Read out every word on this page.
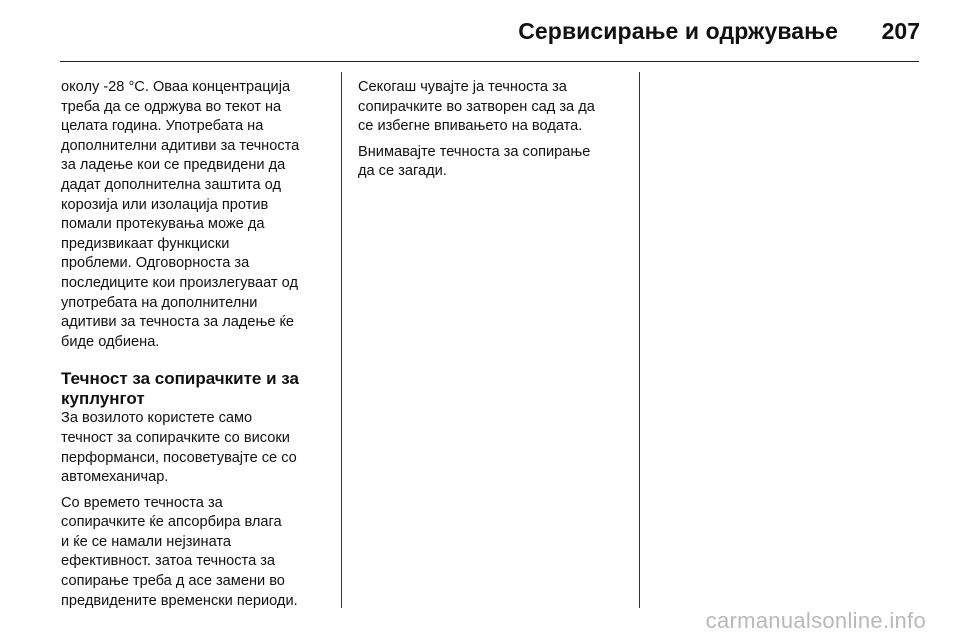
Сервисирање и одржување 207

околу -28 °C. Оваа концентрација
треба да се одржува во текот на
целата година. Употребата на
дополнителни адитиви за течноста
за ладење кои се предвидени да
дадат дополнителна заштита од
корозија или изолација против
помали протекувања може да
предизвикаат функциски
проблеми. Одговорноста за
последиците кои произлегуваат од
употребата на дополнителни
адитиви за течноста за ладење ќе
биде одбиена.

Течност за сопирачките и за
куплунгот

За возилото користете само
течност за сопирачките со високи
перформанси, посоветувајте се со
автомеханичар.

Со времето течноста за
сопирачките ќе апсорбира влага
и ќе се намали нејзината
ефективност. затоа течноста за
сопирање треба д асе замени во
предвидените временски периоди.

Секогаш чувајте ја течноста за
сопирачките во затворен сад за да
се избегне впивањето на водата.

Внимавајте течноста за сопирање
да се загади.

carmanualsonline.info
